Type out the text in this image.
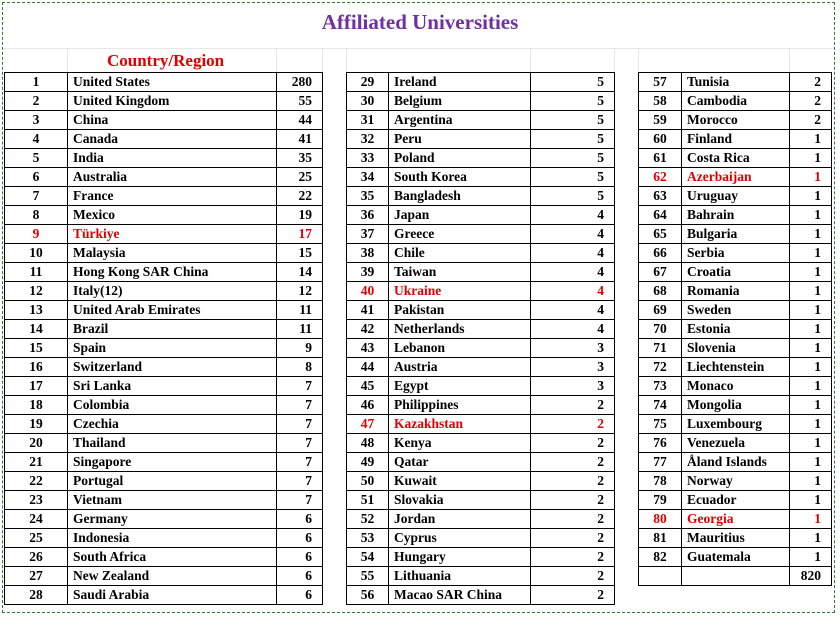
Affiliated Universities
Country/Region
1	United States	280
2	United Kingdom	55
3	China	44
4	Canada	41
5	India	35
6	Australia	25
7	France	22
8	Mexico	19
9	Türkiye	17
10	Malaysia	15
11	Hong Kong SAR China	14
12	Italy(12)	12
13	United Arab Emirates	11
14	Brazil	11
15	Spain	9
16	Switzerland	8
17	Sri Lanka	7
18	Colombia	7
19	Czechia	7
20	Thailand	7
21	Singapore	7
22	Portugal	7
23	Vietnam	7
24	Germany	6
25	Indonesia	6
26	South Africa	6
27	New Zealand	6
28	Saudi Arabia	6
29	Ireland	5
30	Belgium	5
31	Argentina	5
32	Peru	5
33	Poland	5
34	South Korea	5
35	Bangladesh	5
36	Japan	4
37	Greece	4
38	Chile	4
39	Taiwan	4
40	Ukraine	4
41	Pakistan	4
42	Netherlands	4
43	Lebanon	3
44	Austria	3
45	Egypt	3
46	Philippines	2
47	Kazakhstan	2
48	Kenya	2
49	Qatar	2
50	Kuwait	2
51	Slovakia	2
52	Jordan	2
53	Cyprus	2
54	Hungary	2
55	Lithuania	2
56	Macao SAR China	2
57	Tunisia	2
58	Cambodia	2
59	Morocco	2
60	Finland	1
61	Costa Rica	1
62	Azerbaijan	1
63	Uruguay	1
64	Bahrain	1
65	Bulgaria	1
66	Serbia	1
67	Croatia	1
68	Romania	1
69	Sweden	1
70	Estonia	1
71	Slovenia	1
72	Liechtenstein	1
73	Monaco	1
74	Mongolia	1
75	Luxembourg	1
76	Venezuela	1
77	Åland Islands	1
78	Norway	1
79	Ecuador	1
80	Georgia	1
81	Mauritius	1
82	Guatemala	1
		820
